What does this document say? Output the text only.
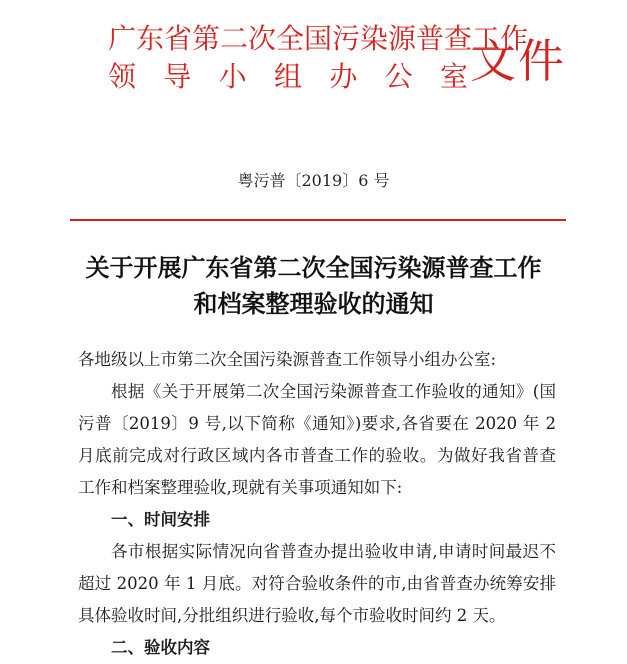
广东省第二次全国污染源普查工作
领 导 小 组 办 公 室 文件
粤污普〔2019〕6 号
关于开展广东省第二次全国污染源普查工作
和档案整理验收的通知

各地级以上市第二次全国污染源普查工作领导小组办公室:

根据《关于开展第二次全国污染源普查工作验收的通知》(国污普〔2019〕9 号,以下简称《通知》)要求,各省要在 2020 年 2 月底前完成对行政区域内各市普查工作的验收。为做好我省普查工作和档案整理验收,现就有关事项通知如下:

一、时间安排

各市根据实际情况向省普查办提出验收申请,申请时间最迟不超过 2020 年 1 月底。对符合验收条件的市,由省普查办统筹安排具体验收时间,分批组织进行验收,每个市验收时间约 2 天。

二、验收内容
